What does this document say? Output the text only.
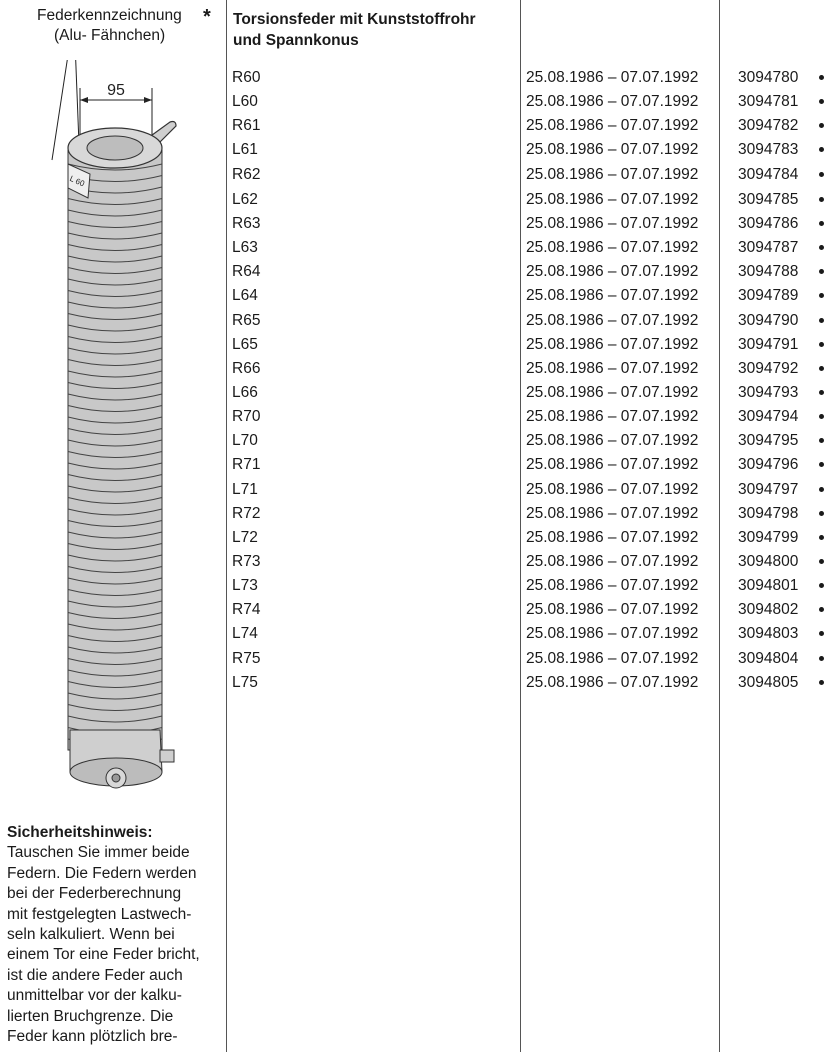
Federkennzeichnung
(Alu- Fähnchen)
* Torsionsfeder mit Kunststoffrohr
und Spannkonus
95
L 60
R60	25.08.1986 – 07.07.1992	3094780
L60	25.08.1986 – 07.07.1992	3094781
R61	25.08.1986 – 07.07.1992	3094782
L61	25.08.1986 – 07.07.1992	3094783
R62	25.08.1986 – 07.07.1992	3094784
L62	25.08.1986 – 07.07.1992	3094785
R63	25.08.1986 – 07.07.1992	3094786
L63	25.08.1986 – 07.07.1992	3094787
R64	25.08.1986 – 07.07.1992	3094788
L64	25.08.1986 – 07.07.1992	3094789
R65	25.08.1986 – 07.07.1992	3094790
L65	25.08.1986 – 07.07.1992	3094791
R66	25.08.1986 – 07.07.1992	3094792
L66	25.08.1986 – 07.07.1992	3094793
R70	25.08.1986 – 07.07.1992	3094794
L70	25.08.1986 – 07.07.1992	3094795
R71	25.08.1986 – 07.07.1992	3094796
L71	25.08.1986 – 07.07.1992	3094797
R72	25.08.1986 – 07.07.1992	3094798
L72	25.08.1986 – 07.07.1992	3094799
R73	25.08.1986 – 07.07.1992	3094800
L73	25.08.1986 – 07.07.1992	3094801
R74	25.08.1986 – 07.07.1992	3094802
L74	25.08.1986 – 07.07.1992	3094803
R75	25.08.1986 – 07.07.1992	3094804
L75	25.08.1986 – 07.07.1992	3094805
Sicherheitshinweis:
Tauschen Sie immer beide
Federn. Die Federn werden
bei der Federberechnung
mit festgelegten Lastwech-
seln kalkuliert. Wenn bei
einem Tor eine Feder bricht,
ist die andere Feder auch
unmittelbar vor der kalku-
lierten Bruchgrenze. Die
Feder kann plötzlich bre-
